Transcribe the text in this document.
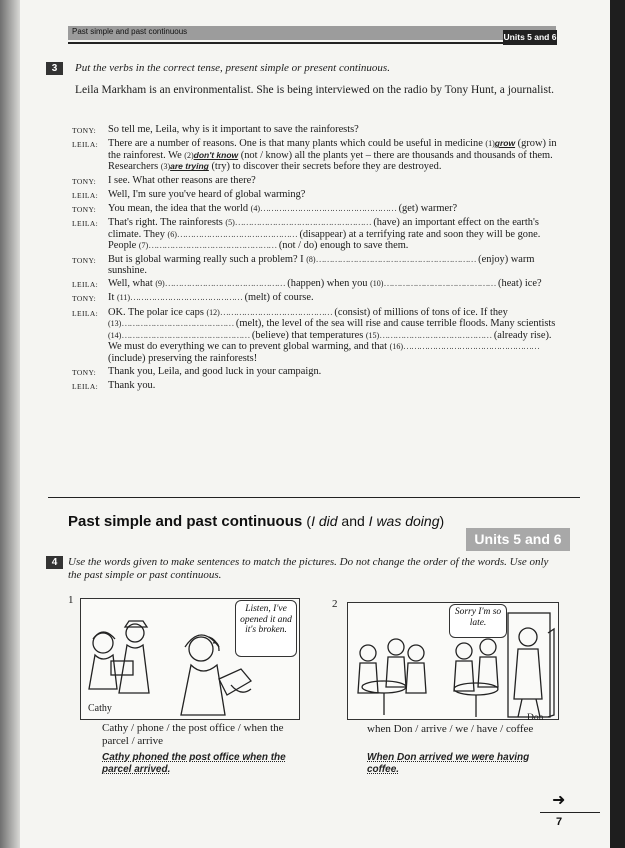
Past simple and past continuous
Units 5 and 6
3	Put the verbs in the correct tense, present simple or present continuous.
Leila Markham is an environmentalist. She is being interviewed on the radio by Tony Hunt, a journalist.
TONY:	So tell me, Leila, why is it important to save the rainforests?
LEILA: There are a number of reasons. One is that many plants which could be useful in medicine (1)grow (grow) in the rainforest. We (2)don't know (not / know) all the plants yet – there are thousands and thousands of them. Researchers (3)are trying (try) to discover their secrets before they are destroyed.
TONY:	I see. What other reasons are there?
LEILA: Well, I'm sure you've heard of global warming?
TONY:	You mean, the idea that the world (4)…………………………………………… (get) warmer?
LEILA: That's right. The rainforests (5)…………………………………………… (have) an important effect on the earth's climate. They (6)……………………………………… (disappear) at a terrifying rate and soon they will be gone. People (7)………………………………………… (not / do) enough to save them.
TONY:	But is global warming really such a problem? I (8)…………………………………………………… (enjoy) warm sunshine.
LEILA: Well, what (9)……………………………………… (happen) when you (10)…………………………………… (heat) ice?
TONY:	It (11)…………………………………… (melt) of course.
LEILA: OK. The polar ice caps (12)…………………………………… (consist) of millions of tons of ice. If they (13)…………………………………… (melt), the level of the sea will rise and cause terrible floods. Many scientists (14)………………………………………… (believe) that temperatures (15)…………………………………… (already rise). We must do everything we can to prevent global warming, and that (16)…………………………………………… (include) preserving the rainforests!
TONY:	Thank you, Leila, and good luck in your campaign.
LEILA: Thank you.
Past simple and past continuous (I did and I was doing)
Units 5 and 6
4 Use the words given to make sentences to match the pictures. Do not change the order of the words. Use only the past simple or past continuous.
1
Listen, I've opened it and it's broken.
Cathy
Cathy / phone / the post office / when the parcel / arrive
Cathy phoned the post office when the parcel arrived.
2
Sorry I'm so late.
Don
when Don / arrive / we / have / coffee
When Don arrived we were having coffee.
➜
7
